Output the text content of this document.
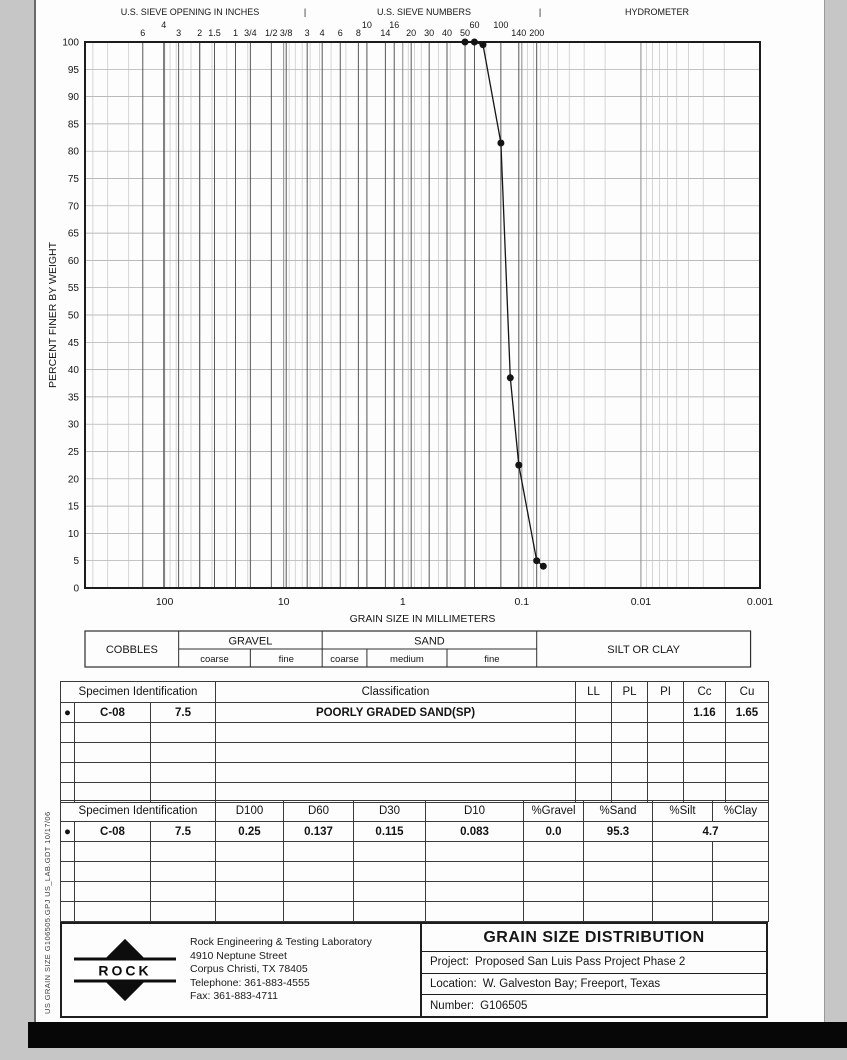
US GRAIN SIZE G106505.GPJ US_LAB.GDT 10/17/06
0
5
10
15
20
25
30
35
40
45
50
55
60
65
70
75
80
85
90
95
100
6
4
3 2 1.5 1 3/4 1/2 3/8 3 4 6 8
10
14
16
20 30 40 50
60 100
140 200
U.S. SIEVE OPENING IN INCHES	|	U.S. SIEVE NUMBERS	|	HYDROMETER
100	10	1	0.1	0.01	0.001
GRAIN SIZE IN MILLIMETERS
PERCENT FINER BY WEIGHT
COBBLES
GRAVEL	SAND
SILT OR CLAY
coarse	fine	coarse	medium	fine
Specimen Identification			Classification	LL	PL	PI	Cc	Cu
●	C-08	7.5	POORLY GRADED SAND(SP)				1.16	1.65

Specimen Identification			D100	D60	D30	D10	%Gravel	%Sand	%Silt	%Clay
●	C-08	7.5	0.25	0.137	0.115	0.083	0.0	95.3	4.7	

ROCK
Rock Engineering & Testing Laboratory
4910 Neptune Street
Corpus Christi, TX 78405
Telephone: 361-883-4555
Fax: 361-883-4711
GRAIN SIZE DISTRIBUTION
Project: Proposed San Luis Pass Project Phase 2
Location: W. Galveston Bay; Freeport, Texas
Number: G106505
